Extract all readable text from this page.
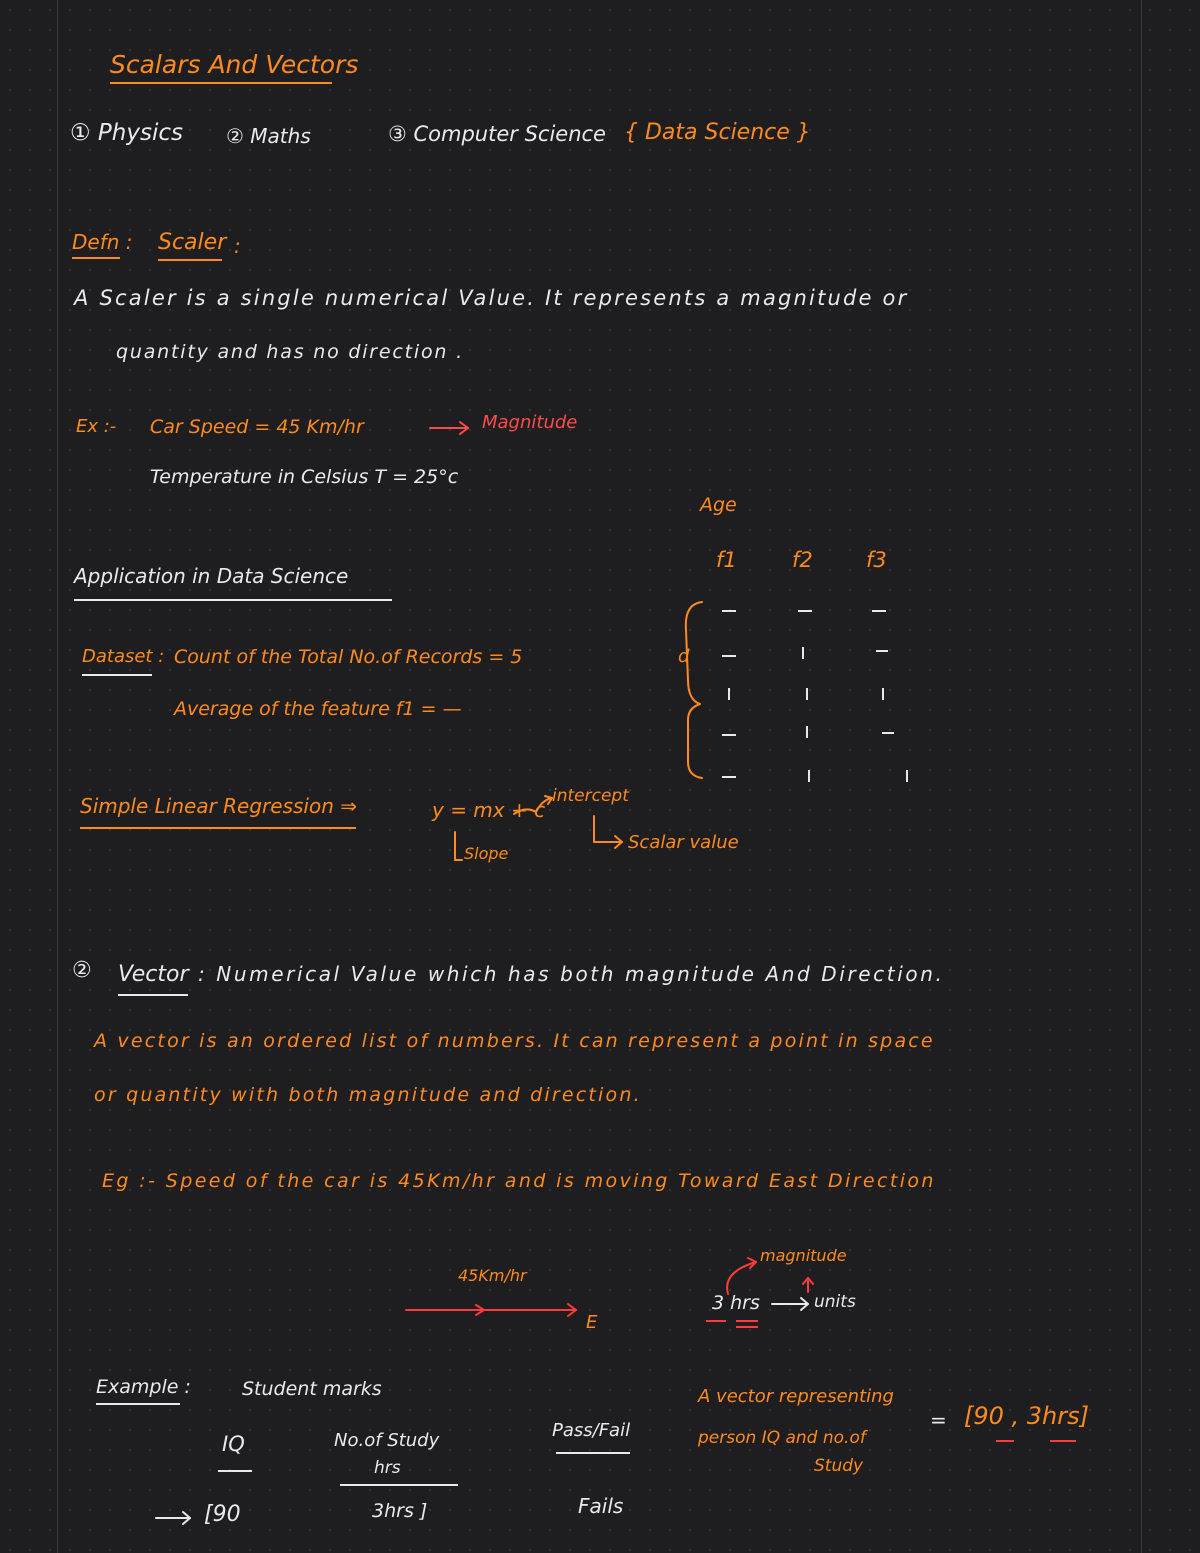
Scalars And Vectors
① Physics ② Maths	③ Computer Science { Data Science }
Defn : Scaler :
A Scaler is a single numerical Value. It represents a magnitude or
quantity and has no direction .
Ex :- Car Speed = 45 Km/hr	Magnitude
Temperature in Celsius T = 25°c
Application in Data Science
Dataset : Count of the Total No.of Records = 5
Average of the feature f1 = —
Simple Linear Regression ⇒	y = mx + c
intercept
Slope
Scalar value
Age
f1	f2	f3
d
② Vector : Numerical Value which has both magnitude And Direction.
A vector is an ordered list of numbers. It can represent a point in space
or quantity with both magnitude and direction.
Eg :- Speed of the car is 45Km/hr and is moving Toward East Direction
45Km/hr
E
magnitude
3 hrs	units
Example :	Student marks
IQ	No.of Study
hrs
Pass/Fail
[90	3hrs ]	Fails
A vector representing
person IQ and no.of
Study
= [90 , 3hrs]
